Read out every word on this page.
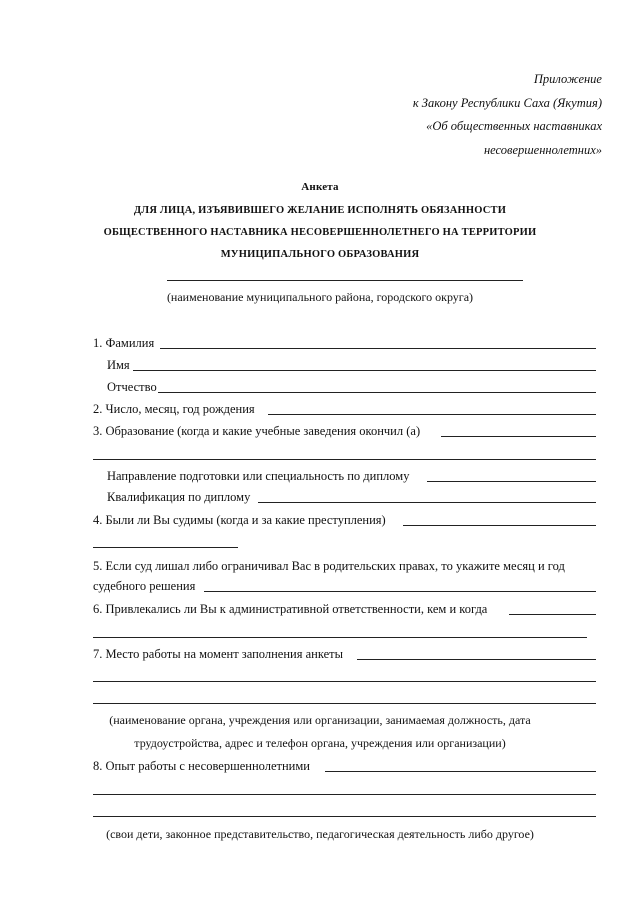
Приложение
к Закону Республики Саха (Якутия)
«Об общественных наставниках
несовершеннолетних»
Анкета
ДЛЯ ЛИЦА, ИЗЪЯВИВШЕГО ЖЕЛАНИЕ ИСПОЛНЯТЬ ОБЯЗАННОСТИ
ОБЩЕСТВЕННОГО НАСТАВНИКА НЕСОВЕРШЕННОЛЕТНЕГО НА ТЕРРИТОРИИ
МУНИЦИПАЛЬНОГО ОБРАЗОВАНИЯ
(наименование муниципального района, городского округа)
1. Фамилия
Имя
Отчество
2. Число, месяц, год рождения
3. Образование (когда и какие учебные заведения окончил (а)
Направление подготовки или специальность по диплому
Квалификация по диплому
4. Были ли Вы судимы (когда и за какие преступления)
5. Если суд лишал либо ограничивал Вас в родительских правах, то укажите месяц и год
судебного решения
6. Привлекались ли Вы к административной ответственности, кем и когда
7. Место работы на момент заполнения анкеты
(наименование органа, учреждения или организации, занимаемая должность, дата
трудоустройства, адрес и телефон органа, учреждения или организации)
8. Опыт работы с несовершеннолетними
(свои дети, законное представительство, педагогическая деятельность либо другое)
